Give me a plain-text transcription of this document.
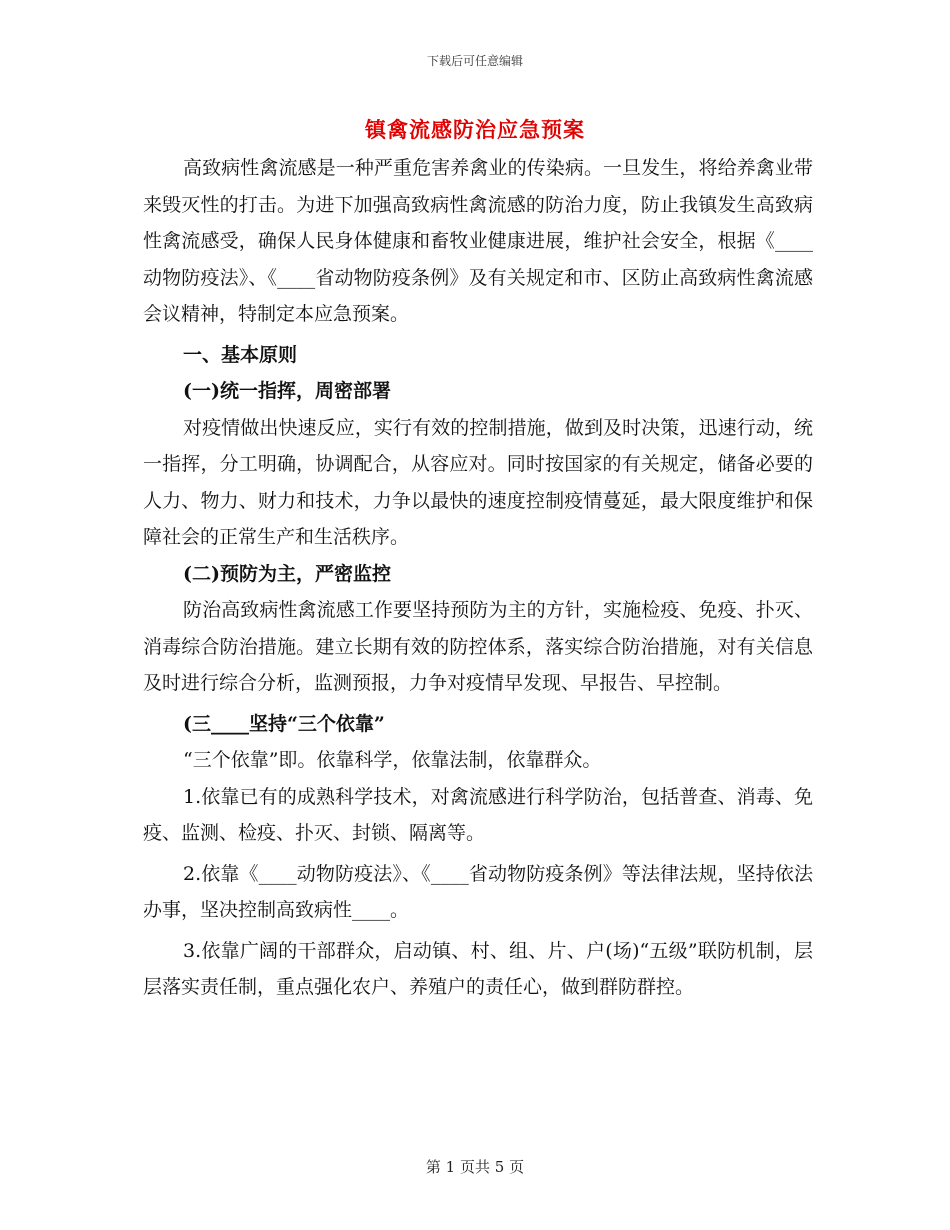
下载后可任意编辑
镇禽流感防治应急预案

高致病性禽流感是一种严重危害养禽业的传染病。一旦发生，将给养禽业带来毁灭性的打击。为进下加强高致病性禽流感的防治力度，防止我镇发生高致病性禽流感受，确保人民身体健康和畜牧业健康进展，维护社会安全，根据《____动物防疫法》、《____省动物防疫条例》及有关规定和市、区防止高致病性禽流感会议精神，特制定本应急预案。

一、基本原则

(一)统一指挥，周密部署

对疫情做出快速反应，实行有效的控制措施，做到及时决策，迅速行动，统一指挥，分工明确，协调配合，从容应对。同时按国家的有关规定，储备必要的人力、物力、财力和技术，力争以最快的速度控制疫情蔓延，最大限度维护和保障社会的正常生产和生活秩序。

(二)预防为主，严密监控

防治高致病性禽流感工作要坚持预防为主的方针，实施检疫、免疫、扑灭、消毒综合防治措施。建立长期有效的防控体系，落实综合防治措施，对有关信息及时进行综合分析，监测预报，力争对疫情早发现、早报告、早控制。

(三____坚持“三个依靠”

“三个依靠”即。依靠科学，依靠法制，依靠群众。

1.依靠已有的成熟科学技术，对禽流感进行科学防治，包括普查、消毒、免疫、监测、检疫、扑灭、封锁、隔离等。

2.依靠《____动物防疫法》、《____省动物防疫条例》等法律法规，坚持依法办事，坚决控制高致病性____。

3.依靠广阔的干部群众，启动镇、村、组、片、户(场)“五级”联防机制，层层落实责任制，重点强化农户、养殖户的责任心，做到群防群控。

第 1 页共 5 页
